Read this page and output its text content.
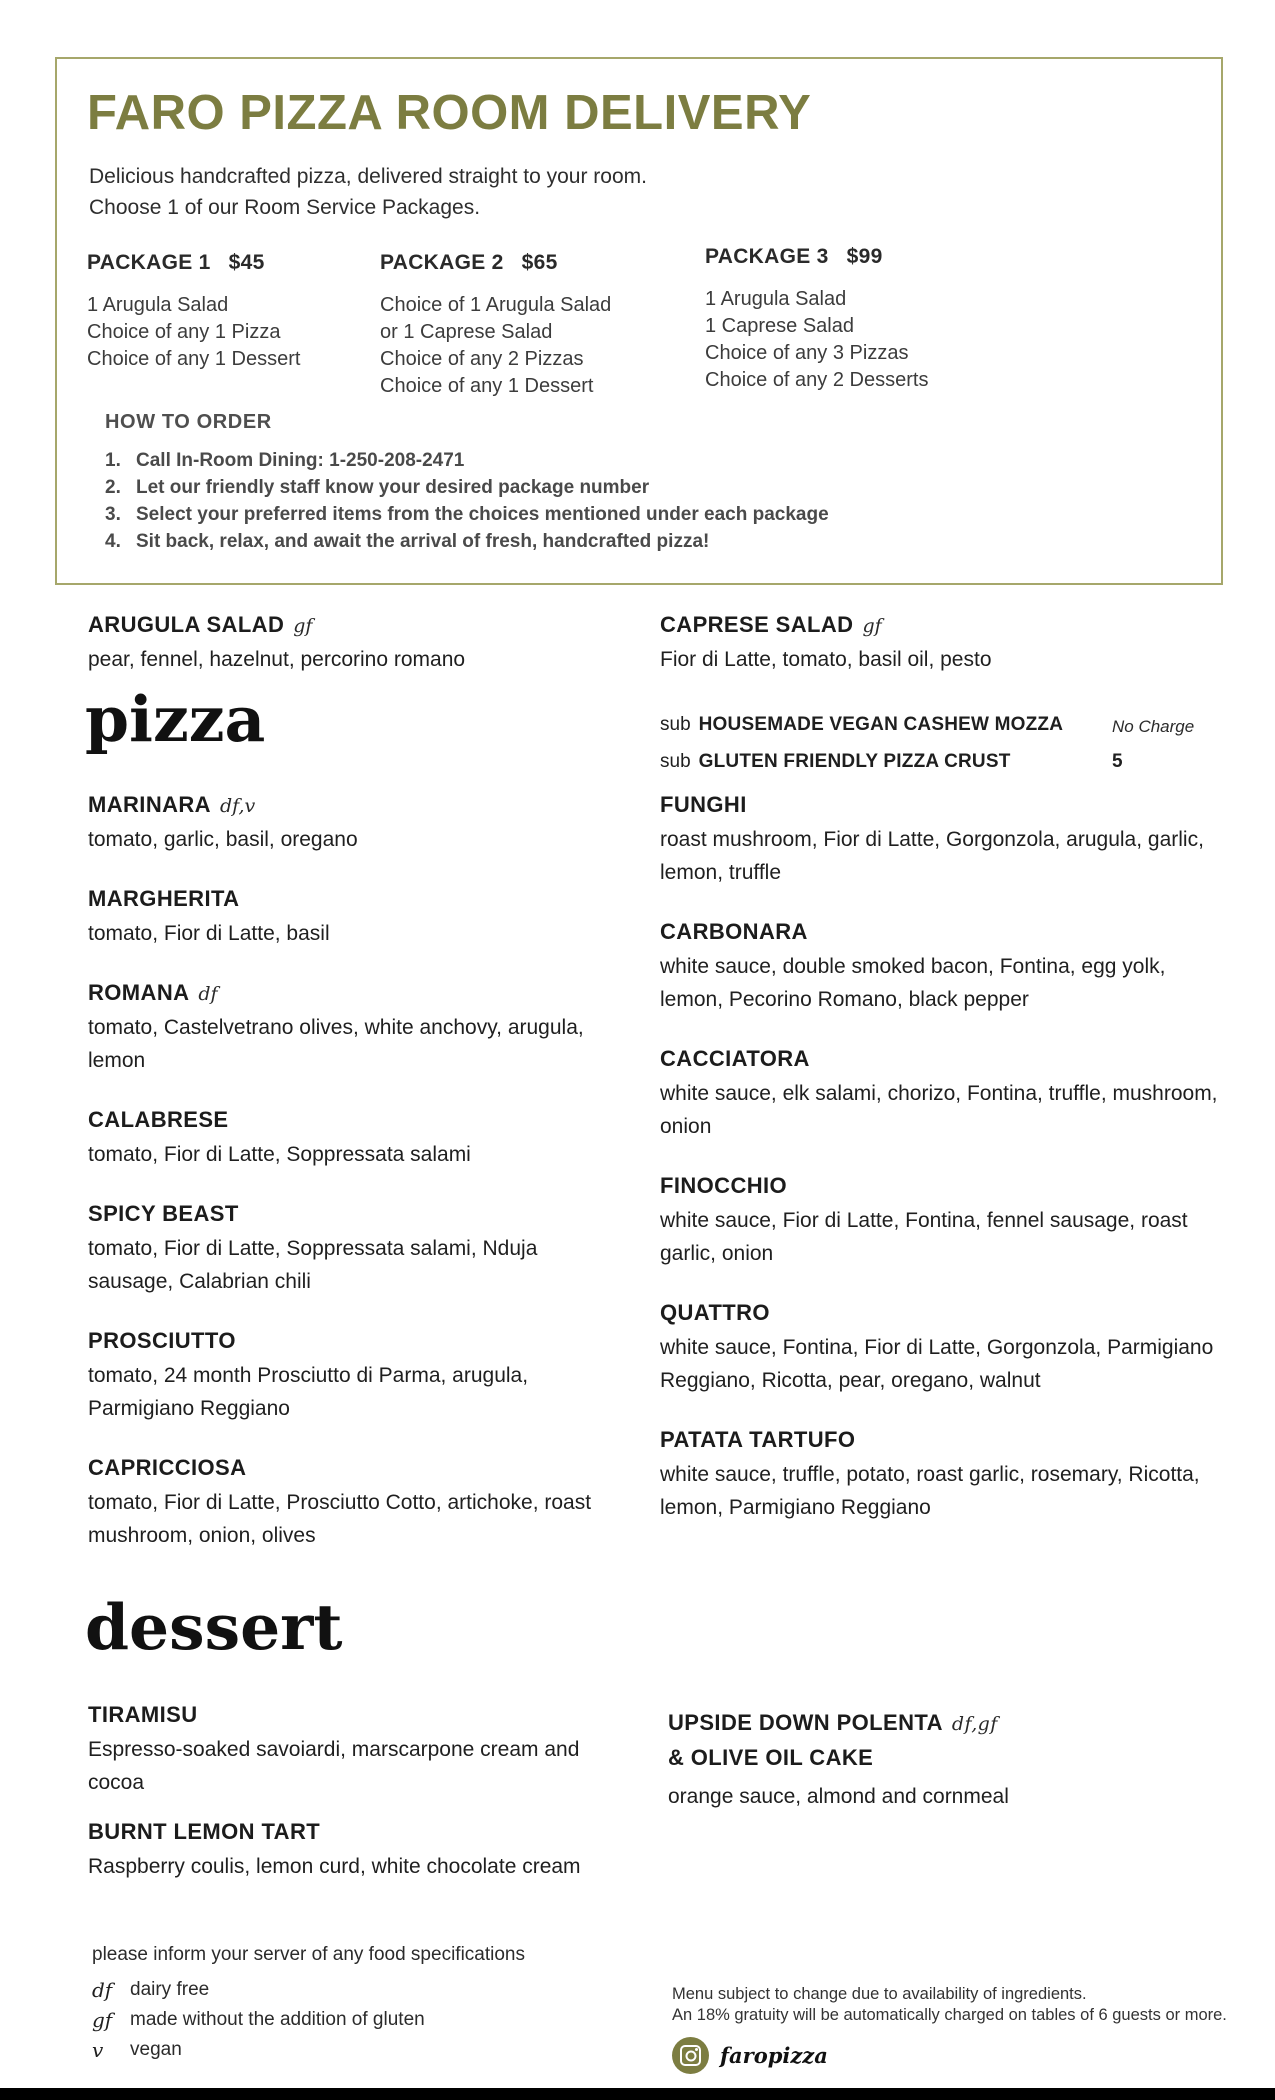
FARO PIZZA ROOM DELIVERY
Delicious handcrafted pizza, delivered straight to your room.
Choose 1 of our Room Service Packages.
PACKAGE 1 $45
1 Arugula Salad
Choice of any 1 Pizza
Choice of any 1 Dessert
PACKAGE 2 $65
Choice of 1 Arugula Salad
or 1 Caprese Salad
Choice of any 2 Pizzas
Choice of any 1 Dessert
PACKAGE 3 $99
1 Arugula Salad
1 Caprese Salad
Choice of any 3 Pizzas
Choice of any 2 Desserts
HOW TO ORDER
1. Call In-Room Dining: 1-250-208-2471
2. Let our friendly staff know your desired package number
3. Select your preferred items from the choices mentioned under each package
4. Sit back, relax, and await the arrival of fresh, handcrafted pizza!
ARUGULA SALAD gf
pear, fennel, hazelnut, percorino romano
CAPRESE SALAD gf
Fior di Latte, tomato, basil oil, pesto
sub HOUSEMADE VEGAN CASHEW MOZZA	No Charge
sub GLUTEN FRIENDLY PIZZA CRUST	5
pizza
MARINARA df,v
tomato, garlic, basil, oregano
MARGHERITA
tomato, Fior di Latte, basil
ROMANA df
tomato, Castelvetrano olives, white anchovy, arugula, lemon
CALABRESE
tomato, Fior di Latte, Soppressata salami
SPICY BEAST
tomato, Fior di Latte, Soppressata salami, Nduja sausage, Calabrian chili
PROSCIUTTO
tomato, 24 month Prosciutto di Parma, arugula, Parmigiano Reggiano
CAPRICCIOSA
tomato, Fior di Latte, Prosciutto Cotto, artichoke, roast mushroom, onion, olives
FUNGHI
roast mushroom, Fior di Latte, Gorgonzola, arugula, garlic, lemon, truffle
CARBONARA
white sauce, double smoked bacon, Fontina, egg yolk, lemon, Pecorino Romano, black pepper
CACCIATORA
white sauce, elk salami, chorizo, Fontina, truffle, mushroom, onion
FINOCCHIO
white sauce, Fior di Latte, Fontina, fennel sausage, roast garlic, onion
QUATTRO
white sauce, Fontina, Fior di Latte, Gorgonzola, Parmigiano Reggiano, Ricotta, pear, oregano, walnut
PATATA TARTUFO
white sauce, truffle, potato, roast garlic, rosemary, Ricotta, lemon, Parmigiano Reggiano
dessert
TIRAMISU
Espresso-soaked savoiardi, marscarpone cream and cocoa
BURNT LEMON TART
Raspberry coulis, lemon curd, white chocolate cream
UPSIDE DOWN POLENTA df,gf
& OLIVE OIL CAKE
orange sauce, almond and cornmeal
please inform your server of any food specifications
df dairy free
gf made without the addition of gluten
v	vegan
Menu subject to change due to availability of ingredients.
An 18% gratuity will be automatically charged on tables of 6 guests or more.
faropizza
